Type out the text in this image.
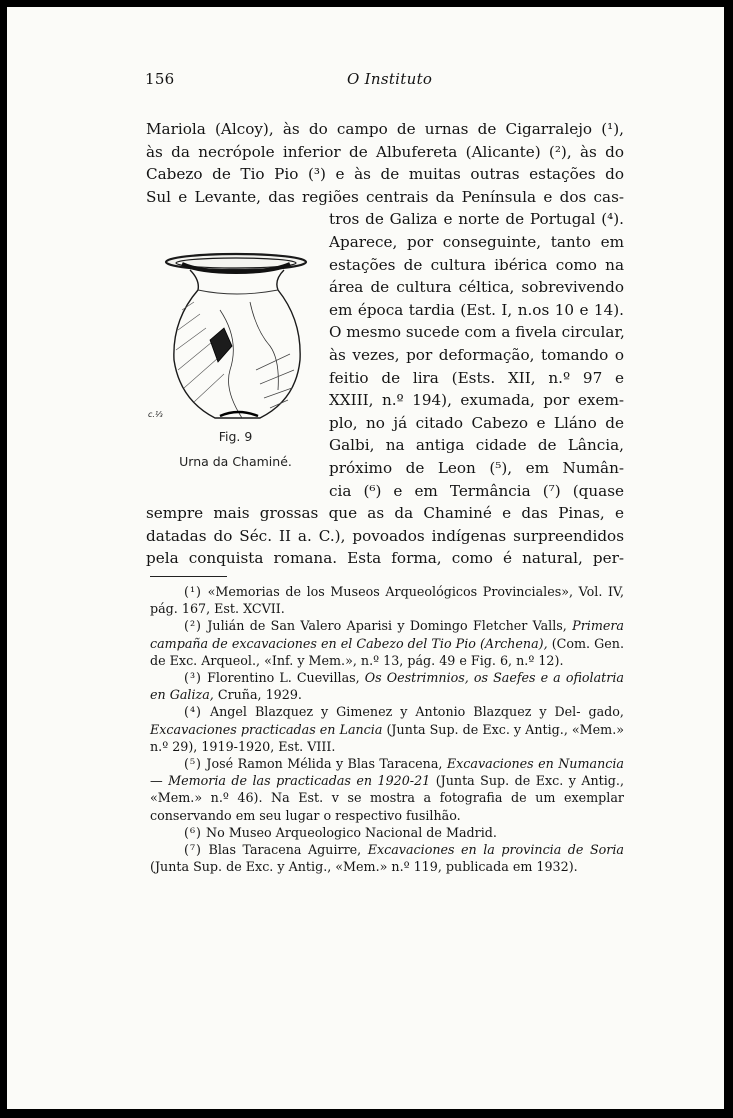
156	O Instituto
Mariola (Alcoy), às do campo de urnas de Cigarralejo (¹),
às da necrópole inferior de Albufereta (Alicante) (²), às do
Cabezo de Tio Pio (³) e às de muitas outras estações do
Sul e Levante, das regiões centrais da Península e dos cas-
tros de Galiza e norte de Portugal (⁴).
Aparece, por conseguinte, tanto em
estações de cultura ibérica como na
área de cultura céltica, sobrevivendo
em época tardia (Est. I, n.os 10 e 14).
O mesmo sucede com a fivela circular,
às vezes, por deformação, tomando o
feitio de lira (Ests. XII, n.º 97 e
XXIII, n.º 194), exumada, por exem-
plo, no já citado Cabezo e Lláno de
Galbi, na antiga cidade de Lância,
próximo de Leon (⁵), em Numân-
cia (⁶) e em Termância (⁷) (quase
sempre mais grossas que as da Chaminé e das Pinas, e
datadas do Séc. II a. C.), povoados indígenas surpreendidos
pela conquista romana. Esta forma, como é natural, per-
c.⅓
Fig. 9
Urna da Chaminé.

(¹) «Memorias de los Museos Arqueológicos Provinciales», Vol. IV, pág. 167, Est. XCVII.

(²) Julián de San Valero Aparisi y Domingo Fletcher Valls, Primera campaña de excavaciones en el Cabezo del Tio Pio (Archena), (Com. Gen. de Exc. Arqueol., «Inf. y Mem.», n.º 13, pág. 49 e Fig. 6, n.º 12).

(³) Florentino L. Cuevillas, Os Oestrimnios, os Saefes e a ofiolatria en Galiza, Cruña, 1929.

(⁴) Angel Blazquez y Gimenez y Antonio Blazquez y Del- gado, Excavaciones practicadas en Lancia (Junta Sup. de Exc. y Antig., «Mem.» n.º 29), 1919-1920, Est. VIII.

(⁵) José Ramon Mélida y Blas Taracena, Excavaciones en Numancia — Memoria de las practicadas en 1920-21 (Junta Sup. de Exc. y Antig., «Mem.» n.º 46). Na Est. v se mostra a fotografia de um exemplar conservando em seu lugar o respectivo fusilhão.

(⁶) No Museo Arqueologico Nacional de Madrid.

(⁷) Blas Taracena Aguirre, Excavaciones en la provincia de Soria (Junta Sup. de Exc. y Antig., «Mem.» n.º 119, publicada em 1932).
